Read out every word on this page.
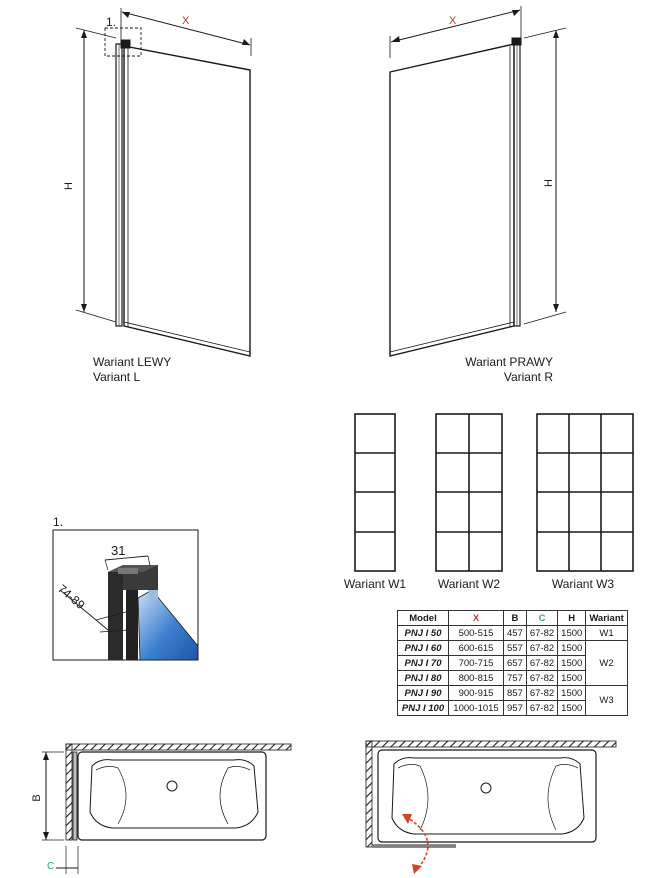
1.	X
H
Wariant LEWY
Variant L
X
H
Wariant PRAWY
Variant R
Wariant W1	Wariant W2	Wariant W3
1.
31
74-89
B
C
Model	X	B	C	H	Wariant
PNJ I 50	500-515	457	67-82	1500	W1
PNJ I 60	600-615	557	67-82	1500	W2
PNJ I 70	700-715	657	67-82	1500	
PNJ I 80	800-815	757	67-82	1500	
PNJ I 90	900-915	857	67-82	1500	W3
PNJ I 100	1000-1015	957	67-82	1500	
